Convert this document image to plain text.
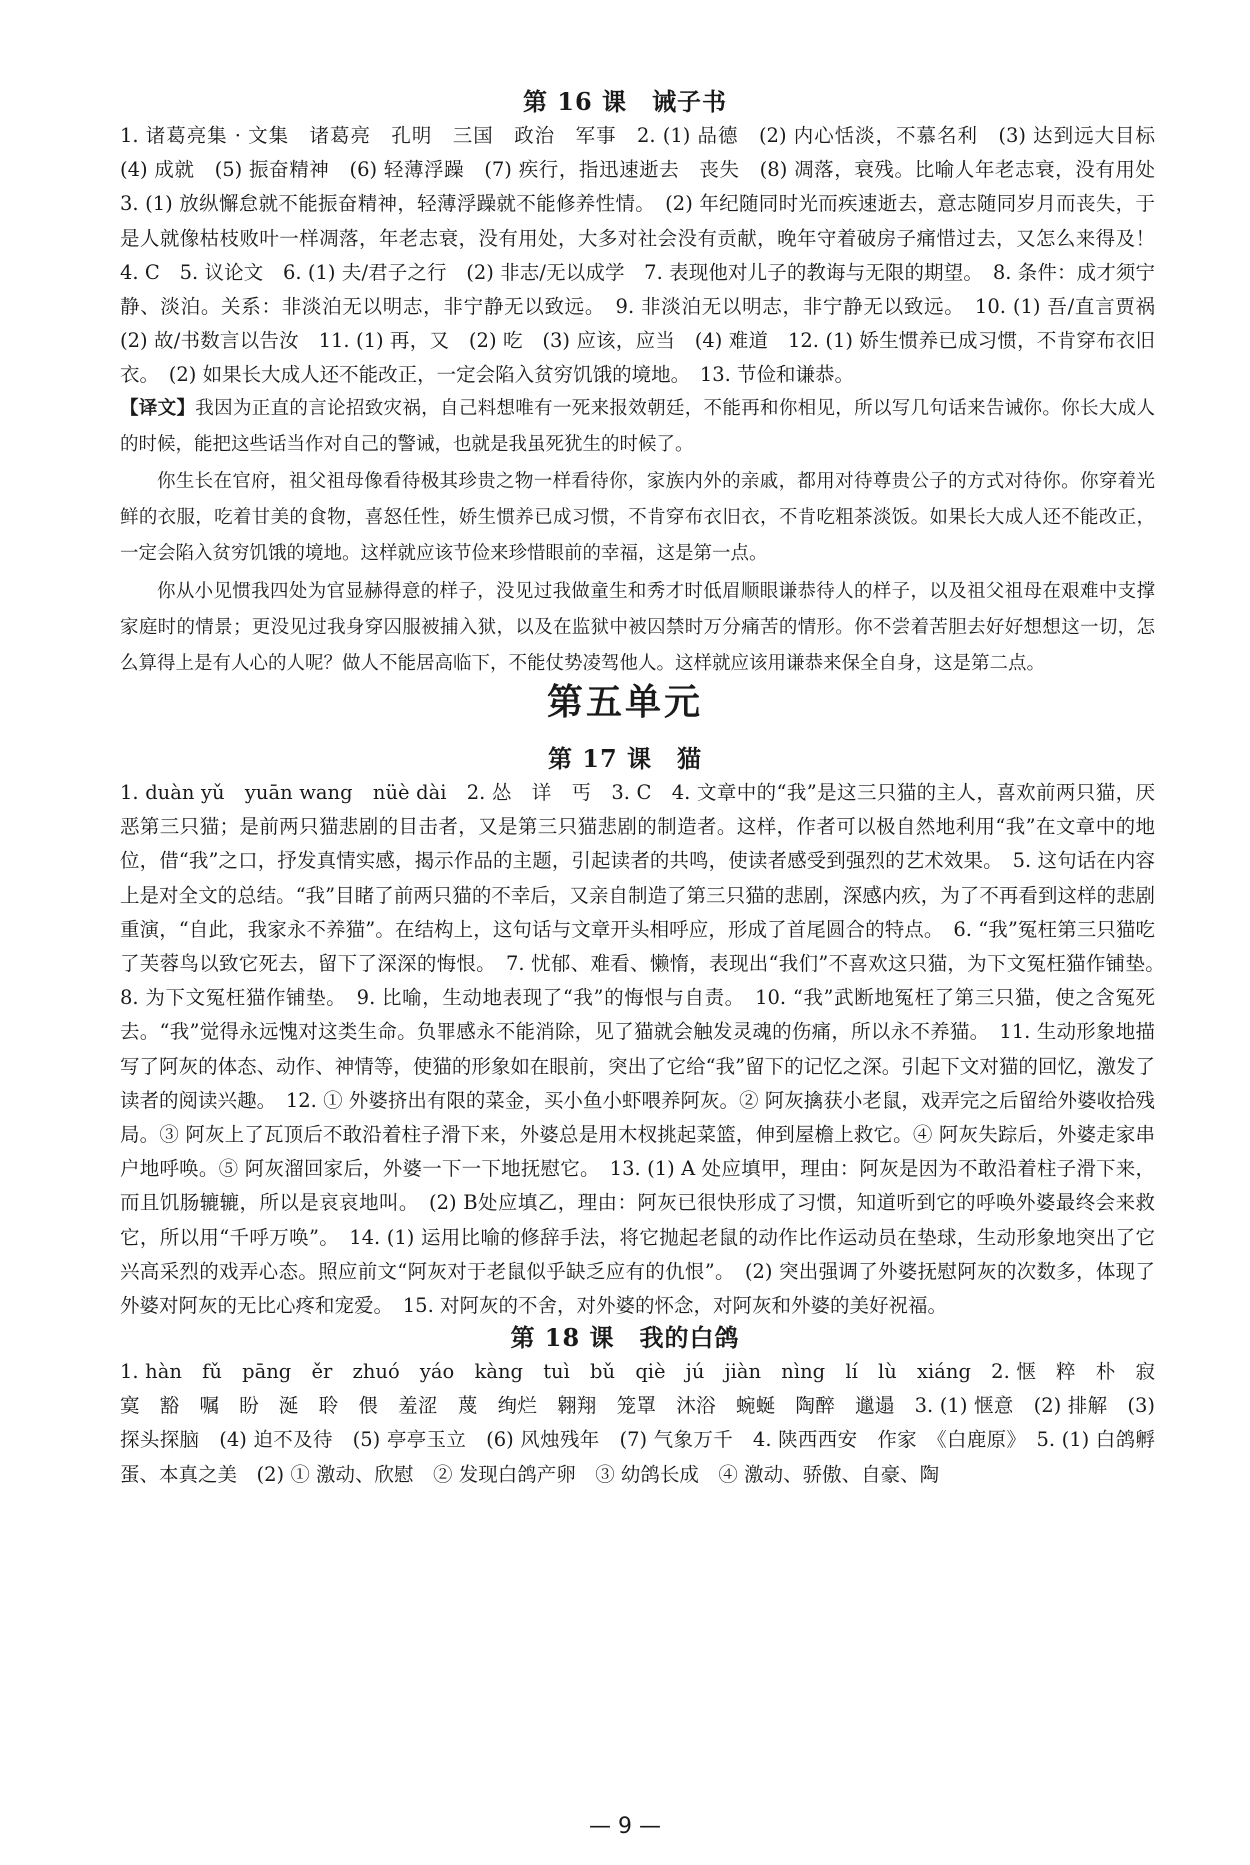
第 16 课　诫子书

1. 诸葛亮集 · 文集　诸葛亮　孔明　三国　政治　军事　2. (1) 品德　(2) 内心恬淡，不慕名利　(3) 达到远大目标　(4) 成就　(5) 振奋精神　(6) 轻薄浮躁　(7) 疾行，指迅速逝去　丧失　(8) 凋落，衰残。比喻人年老志衰，没有用处　3. (1) 放纵懈怠就不能振奋精神，轻薄浮躁就不能修养性情。　(2) 年纪随同时光而疾速逝去，意志随同岁月而丧失，于是人就像枯枝败叶一样凋落，年老志衰，没有用处，大多对社会没有贡献，晚年守着破房子痛惜过去，又怎么来得及！　4. C　5. 议论文　6. (1) 夫/君子之行　(2) 非志/无以成学　7. 表现他对儿子的教诲与无限的期望。　8. 条件：成才须宁静、淡泊。关系：非淡泊无以明志，非宁静无以致远。　9. 非淡泊无以明志，非宁静无以致远。　10. (1) 吾/直言贾祸　(2) 故/书数言以告汝　11. (1) 再，又　(2) 吃　(3) 应该，应当　(4) 难道　12. (1) 娇生惯养已成习惯，不肯穿布衣旧衣。　(2) 如果长大成人还不能改正，一定会陷入贫穷饥饿的境地。　13. 节俭和谦恭。

【译文】我因为正直的言论招致灾祸，自己料想唯有一死来报效朝廷，不能再和你相见，所以写几句话来告诫你。你长大成人的时候，能把这些话当作对自己的警诫，也就是我虽死犹生的时候了。

你生长在官府，祖父祖母像看待极其珍贵之物一样看待你，家族内外的亲戚，都用对待尊贵公子的方式对待你。你穿着光鲜的衣服，吃着甘美的食物，喜怒任性，娇生惯养已成习惯，不肯穿布衣旧衣，不肯吃粗茶淡饭。如果长大成人还不能改正，一定会陷入贫穷饥饿的境地。这样就应该节俭来珍惜眼前的幸福，这是第一点。

你从小见惯我四处为官显赫得意的样子，没见过我做童生和秀才时低眉顺眼谦恭待人的样子，以及祖父祖母在艰难中支撑家庭时的情景；更没见过我身穿囚服被捕入狱，以及在监狱中被囚禁时万分痛苦的情形。你不尝着苦胆去好好想想这一切，怎么算得上是有人心的人呢？做人不能居高临下，不能仗势凌驾他人。这样就应该用谦恭来保全自身，这是第二点。

第五单元
第 17 课　猫

1. duàn yǔ　yuān wang　nüè dài　2. 怂　详　丐　3. C　4. 文章中的“我”是这三只猫的主人，喜欢前两只猫，厌恶第三只猫；是前两只猫悲剧的目击者，又是第三只猫悲剧的制造者。这样，作者可以极自然地利用“我”在文章中的地位，借“我”之口，抒发真情实感，揭示作品的主题，引起读者的共鸣，使读者感受到强烈的艺术效果。　5. 这句话在内容上是对全文的总结。“我”目睹了前两只猫的不幸后，又亲自制造了第三只猫的悲剧，深感内疚，为了不再看到这样的悲剧重演，“自此，我家永不养猫”。在结构上，这句话与文章开头相呼应，形成了首尾圆合的特点。　6. “我”冤枉第三只猫吃了芙蓉鸟以致它死去，留下了深深的悔恨。　7. 忧郁、难看、懒惰，表现出“我们”不喜欢这只猫，为下文冤枉猫作铺垫。　8. 为下文冤枉猫作铺垫。　9. 比喻，生动地表现了“我”的悔恨与自责。　10. “我”武断地冤枉了第三只猫，使之含冤死去。“我”觉得永远愧对这类生命。负罪感永不能消除，见了猫就会触发灵魂的伤痛，所以永不养猫。　11. 生动形象地描写了阿灰的体态、动作、神情等，使猫的形象如在眼前，突出了它给“我”留下的记忆之深。引起下文对猫的回忆，激发了读者的阅读兴趣。　12. ① 外婆挤出有限的菜金，买小鱼小虾喂养阿灰。② 阿灰擒获小老鼠，戏弄完之后留给外婆收拾残局。③ 阿灰上了瓦顶后不敢沿着柱子滑下来，外婆总是用木杈挑起菜篮，伸到屋檐上救它。④ 阿灰失踪后，外婆走家串户地呼唤。⑤ 阿灰溜回家后，外婆一下一下地抚慰它。　13. (1) A 处应填甲，理由：阿灰是因为不敢沿着柱子滑下来，而且饥肠辘辘，所以是哀哀地叫。　(2) B处应填乙，理由：阿灰已很快形成了习惯，知道听到它的呼唤外婆最终会来救它，所以用“千呼万唤”。　14. (1) 运用比喻的修辞手法，将它抛起老鼠的动作比作运动员在垫球，生动形象地突出了它兴高采烈的戏弄心态。照应前文“阿灰对于老鼠似乎缺乏应有的仇恨”。　(2) 突出强调了外婆抚慰阿灰的次数多，体现了外婆对阿灰的无比心疼和宠爱。　15. 对阿灰的不舍，对外婆的怀念，对阿灰和外婆的美好祝福。

第 18 课　我的白鸽

1. hàn　fǔ　pāng　ěr　zhuó　yáo　kàng　tuì　bǔ　qiè　jú　jiàn　nìng　lí　lù　xiáng　2. 惬　粹　朴　寂寞　豁　嘱　盼　涎　聆　偎　羞涩　蔑　绚烂　翱翔　笼罩　沐浴　蜿蜒　陶醉　邋遢　3. (1) 惬意　(2) 排解　(3) 探头探脑　(4) 迫不及待　(5) 亭亭玉立　(6) 风烛残年　(7) 气象万千　4. 陕西西安　作家　《白鹿原》　5. (1) 白鸽孵蛋、本真之美　(2) ① 激动、欣慰　② 发现白鸽产卵　③ 幼鸽长成　④ 激动、骄傲、自豪、陶

— 9 —
